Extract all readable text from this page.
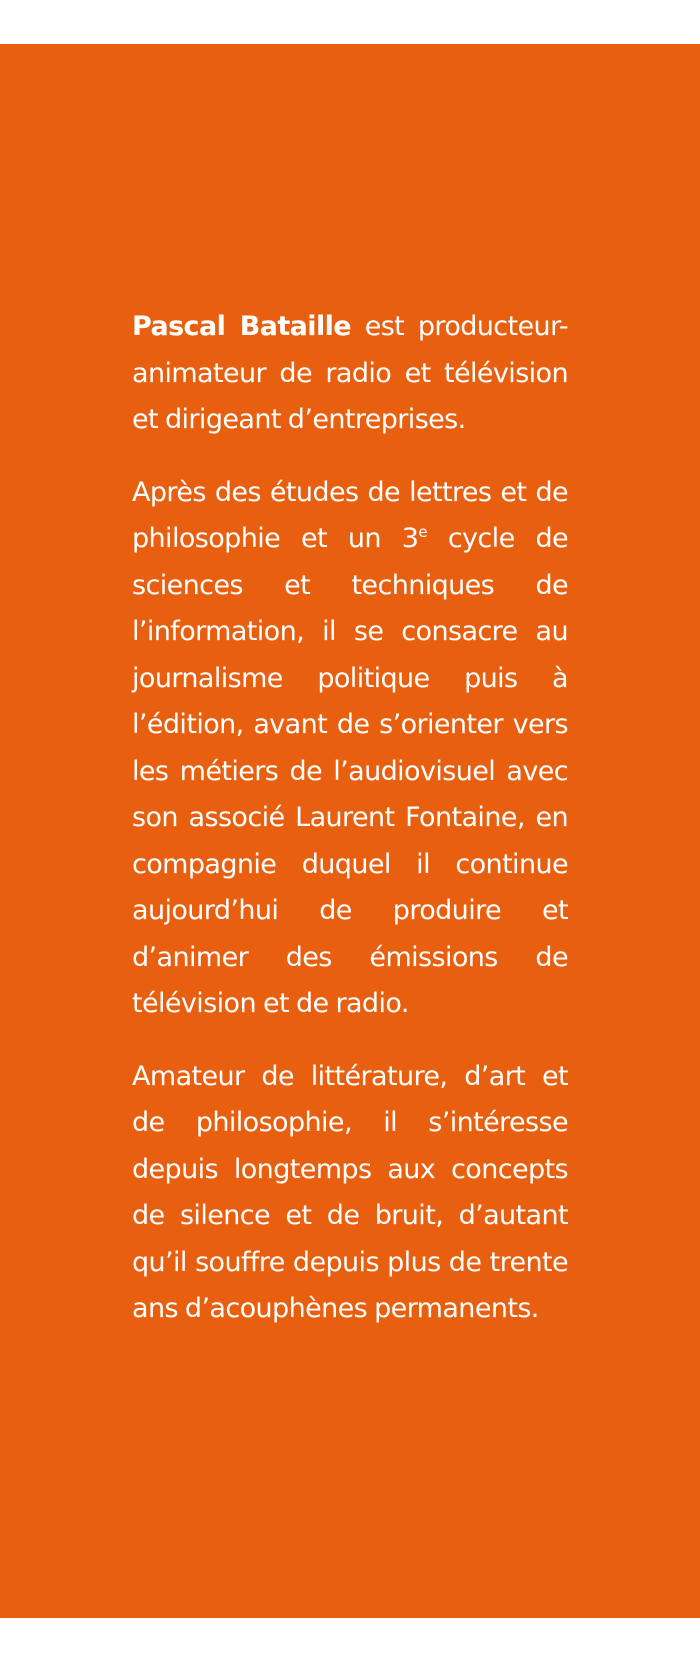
Pascal Bataille est producteur-animateur de radio et télévision et dirigeant d’entreprises.

Après des études de lettres et de philosophie et un 3e cycle de sciences et techniques de l’information, il se consacre au journalisme politique puis à l’édition, avant de s’orienter vers les métiers de l’audiovisuel avec son associé Laurent Fontaine, en compagnie duquel il continue aujourd’hui de produire et d’animer des émissions de télévision et de radio.

Amateur de littérature, d’art et de philosophie, il s’intéresse depuis longtemps aux concepts de silence et de bruit, d’autant qu’il souffre depuis plus de trente ans d’acouphènes permanents.
